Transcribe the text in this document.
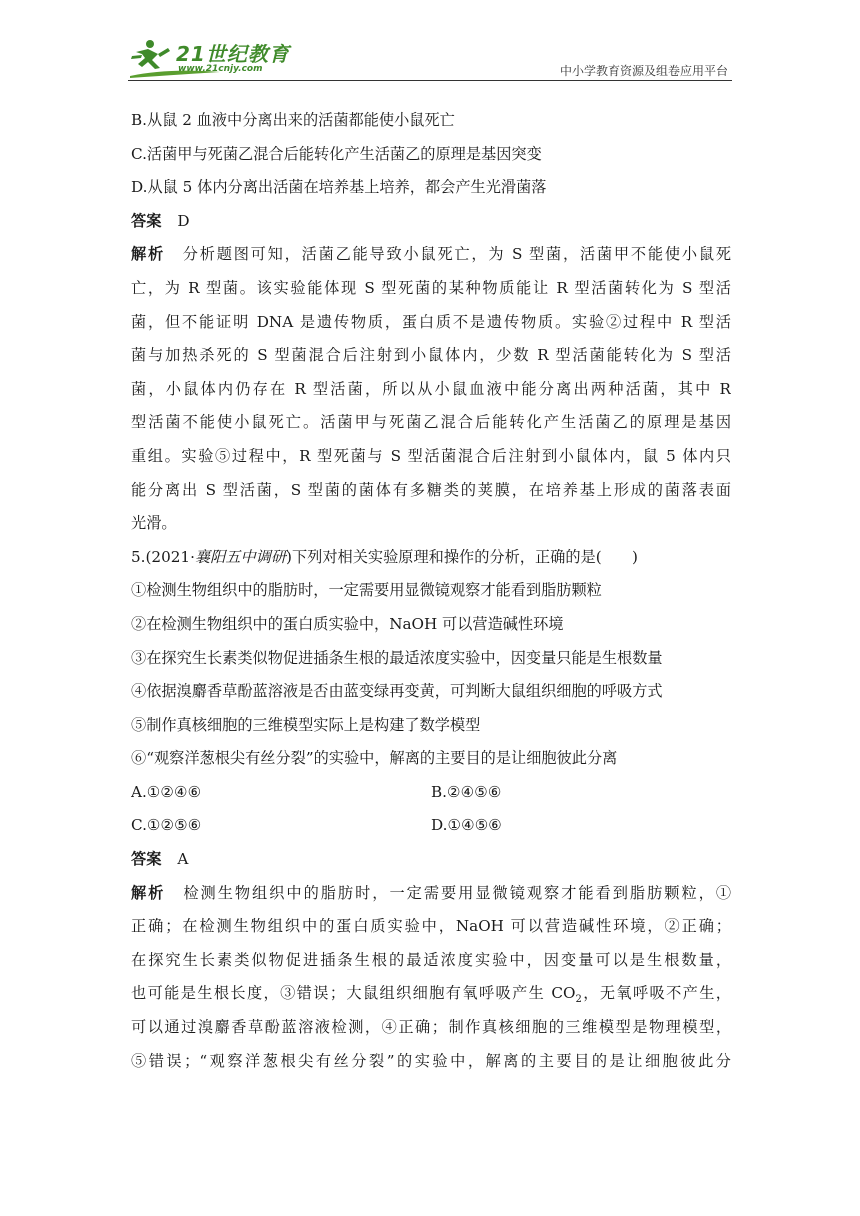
21世纪教育
www.21cnjy.com	中小学教育资源及组卷应用平台
B.从鼠 2 血液中分离出来的活菌都能使小鼠死亡
C.活菌甲与死菌乙混合后能转化产生活菌乙的原理是基因突变
D.从鼠 5 体内分离出活菌在培养基上培养，都会产生光滑菌落
答案 D
解析 分析题图可知，活菌乙能导致小鼠死亡，为 S 型菌，活菌甲不能使小鼠死
亡，为 R 型菌。该实验能体现 S 型死菌的某种物质能让 R 型活菌转化为 S 型活
菌，但不能证明 DNA 是遗传物质，蛋白质不是遗传物质。实验②过程中 R 型活
菌与加热杀死的 S 型菌混合后注射到小鼠体内，少数 R 型活菌能转化为 S 型活
菌，小鼠体内仍存在 R 型活菌，所以从小鼠血液中能分离出两种活菌，其中 R
型活菌不能使小鼠死亡。活菌甲与死菌乙混合后能转化产生活菌乙的原理是基因
重组。实验⑤过程中，R 型死菌与 S 型活菌混合后注射到小鼠体内，鼠 5 体内只
能分离出 S 型活菌，S 型菌的菌体有多糖类的荚膜，在培养基上形成的菌落表面
光滑。
5.(2021·襄阳五中调研)下列对相关实验原理和操作的分析，正确的是(　　)
①检测生物组织中的脂肪时，一定需要用显微镜观察才能看到脂肪颗粒
②在检测生物组织中的蛋白质实验中，NaOH 可以营造碱性环境
③在探究生长素类似物促进插条生根的最适浓度实验中，因变量只能是生根数量
④依据溴麝香草酚蓝溶液是否由蓝变绿再变黄，可判断大鼠组织细胞的呼吸方式
⑤制作真核细胞的三维模型实际上是构建了数学模型
⑥“观察洋葱根尖有丝分裂”的实验中，解离的主要目的是让细胞彼此分离
A.①②④⑥	B.②④⑤⑥
C.①②⑤⑥	D.①④⑤⑥
答案 A
解析 检测生物组织中的脂肪时，一定需要用显微镜观察才能看到脂肪颗粒，①
正确；在检测生物组织中的蛋白质实验中，NaOH 可以营造碱性环境，②正确；
在探究生长素类似物促进插条生根的最适浓度实验中，因变量可以是生根数量，
也可能是生根长度，③错误；大鼠组织细胞有氧呼吸产生 $CO_2$，无氧呼吸不产生，
可以通过溴麝香草酚蓝溶液检测，④正确；制作真核细胞的三维模型是物理模型，
⑤错误；“观察洋葱根尖有丝分裂”的实验中，解离的主要目的是让细胞彼此分
